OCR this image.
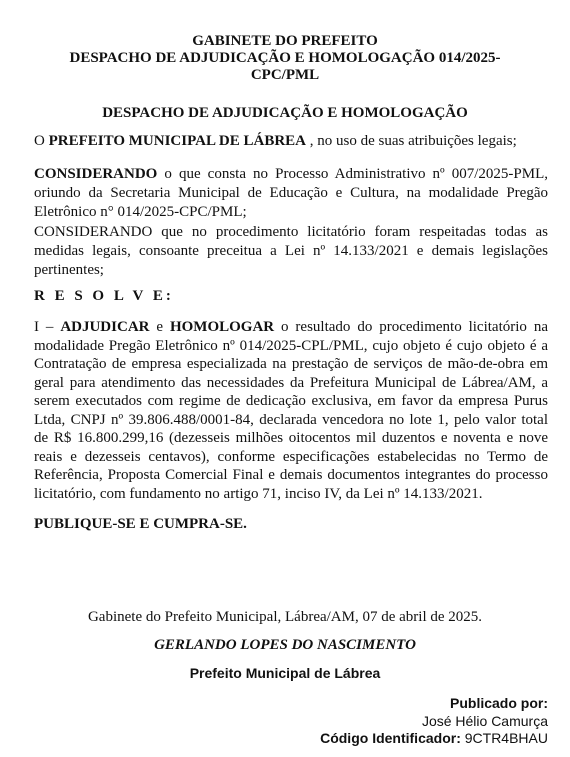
GABINETE DO PREFEITO
DESPACHO DE ADJUDICAÇÃO E HOMOLOGAÇÃO 014/2025-
CPC/PML
DESPACHO DE ADJUDICAÇÃO E HOMOLOGAÇÃO
O PREFEITO MUNICIPAL DE LÁBREA , no uso de suas atribuições legais;
CONSIDERANDO o que consta no Processo Administrativo nº 007/2025-PML, oriundo da Secretaria Municipal de Educação e Cultura, na modalidade Pregão Eletrônico n° 014/2025-CPC/PML;
CONSIDERANDO que no procedimento licitatório foram respeitadas todas as medidas legais, consoante preceitua a Lei nº 14.133/2021 e demais legislações pertinentes;
R E S O L V E:
I – ADJUDICAR e HOMOLOGAR o resultado do procedimento licitatório na modalidade Pregão Eletrônico nº 014/2025-CPL/PML, cujo objeto é cujo objeto é a Contratação de empresa especializada na prestação de serviços de mão-de-obra em geral para atendimento das necessidades da Prefeitura Municipal de Lábrea/AM, a serem executados com regime de dedicação exclusiva, em favor da empresa Purus Ltda, CNPJ nº 39.806.488/0001-84, declarada vencedora no lote 1, pelo valor total de R$ 16.800.299,16 (dezesseis milhões oitocentos mil duzentos e noventa e nove reais e dezesseis centavos), conforme especificações estabelecidas no Termo de Referência, Proposta Comercial Final e demais documentos integrantes do processo licitatório, com fundamento no artigo 71, inciso IV, da Lei nº 14.133/2021.
PUBLIQUE-SE E CUMPRA-SE.
Gabinete do Prefeito Municipal, Lábrea/AM, 07 de abril de 2025.
GERLANDO LOPES DO NASCIMENTO
Prefeito Municipal de Lábrea
Publicado por:
José Hélio Camurça
Código Identificador: 9CTR4BHAU
